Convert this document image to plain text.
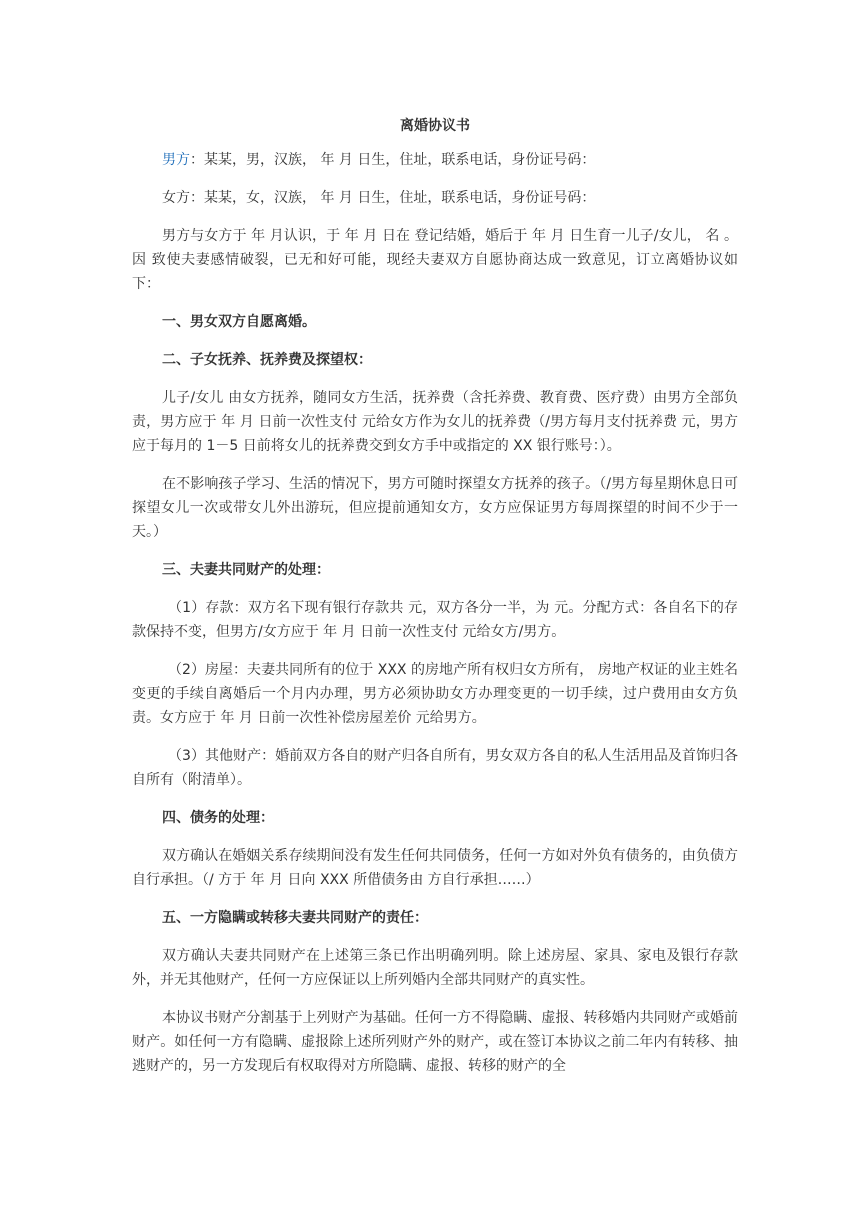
离婚协议书

男方：某某，男，汉族， 年 月 日生，住址，联系电话，身份证号码：

女方：某某，女，汉族， 年 月 日生，住址，联系电话，身份证号码：

男方与女方于 年 月认识，于 年 月 日在 登记结婚，婚后于 年 月 日生育一儿子/女儿， 名 。因 致使夫妻感情破裂，已无和好可能，现经夫妻双方自愿协商达成一致意见，订立离婚协议如下：

一、男女双方自愿离婚。

二、子女抚养、抚养费及探望权：

儿子/女儿 由女方抚养，随同女方生活，抚养费（含托养费、教育费、医疗费）由男方全部负责，男方应于 年 月 日前一次性支付 元给女方作为女儿的抚养费（/男方每月支付抚养费 元，男方应于每月的 1－5 日前将女儿的抚养费交到女方手中或指定的 XX 银行账号：）。

在不影响孩子学习、生活的情况下，男方可随时探望女方抚养的孩子。（/男方每星期休息日可探望女儿一次或带女儿外出游玩，但应提前通知女方，女方应保证男方每周探望的时间不少于一天。）

三、夫妻共同财产的处理：

（1）存款：双方名下现有银行存款共 元，双方各分一半，为 元。分配方式：各自名下的存款保持不变，但男方/女方应于 年 月 日前一次性支付 元给女方/男方。

（2）房屋：夫妻共同所有的位于 XXX 的房地产所有权归女方所有， 房地产权证的业主姓名变更的手续自离婚后一个月内办理，男方必须协助女方办理变更的一切手续，过户费用由女方负责。女方应于 年 月 日前一次性补偿房屋差价 元给男方。

（3）其他财产：婚前双方各自的财产归各自所有，男女双方各自的私人生活用品及首饰归各自所有（附清单）。

四、债务的处理：

双方确认在婚姻关系存续期间没有发生任何共同债务，任何一方如对外负有债务的，由负债方自行承担。（/ 方于 年 月 日向 XXX 所借债务由 方自行承担……）

五、一方隐瞒或转移夫妻共同财产的责任：

双方确认夫妻共同财产在上述第三条已作出明确列明。除上述房屋、家具、家电及银行存款外，并无其他财产，任何一方应保证以上所列婚内全部共同财产的真实性。

本协议书财产分割基于上列财产为基础。任何一方不得隐瞒、虚报、转移婚内共同财产或婚前财产。如任何一方有隐瞒、虚报除上述所列财产外的财产，或在签订本协议之前二年内有转移、抽逃财产的，另一方发现后有权取得对方所隐瞒、虚报、转移的财产的全
